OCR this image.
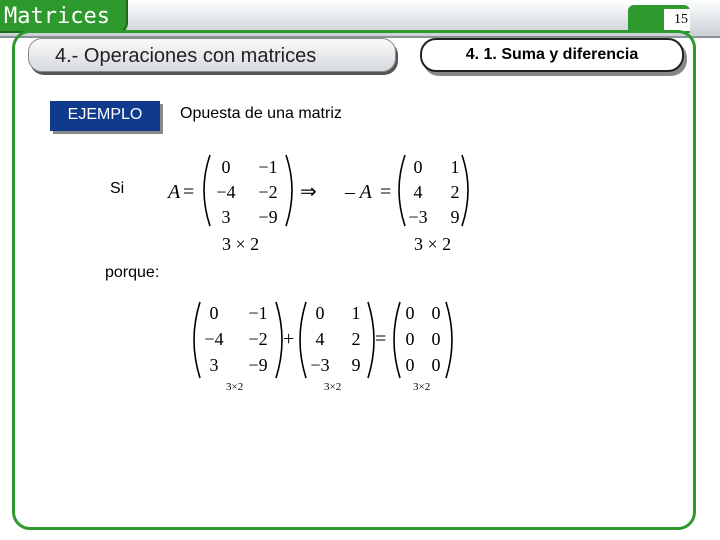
Matrices	15
4.- Operaciones con matrices	4. 1. Suma y diferencia
EJEMPLO	Opuesta de una matriz
Si
porque:
A =
0 −1
−4 −2
3 −9
3 × 2
⇒ – A =
0 1
4 2
−3 9
3 × 2
0 −1
−4 −2
3 −9
3×2
+
0 1
4 2
−3 9
3×2
=
0 0
0 0
0 0
3×2
